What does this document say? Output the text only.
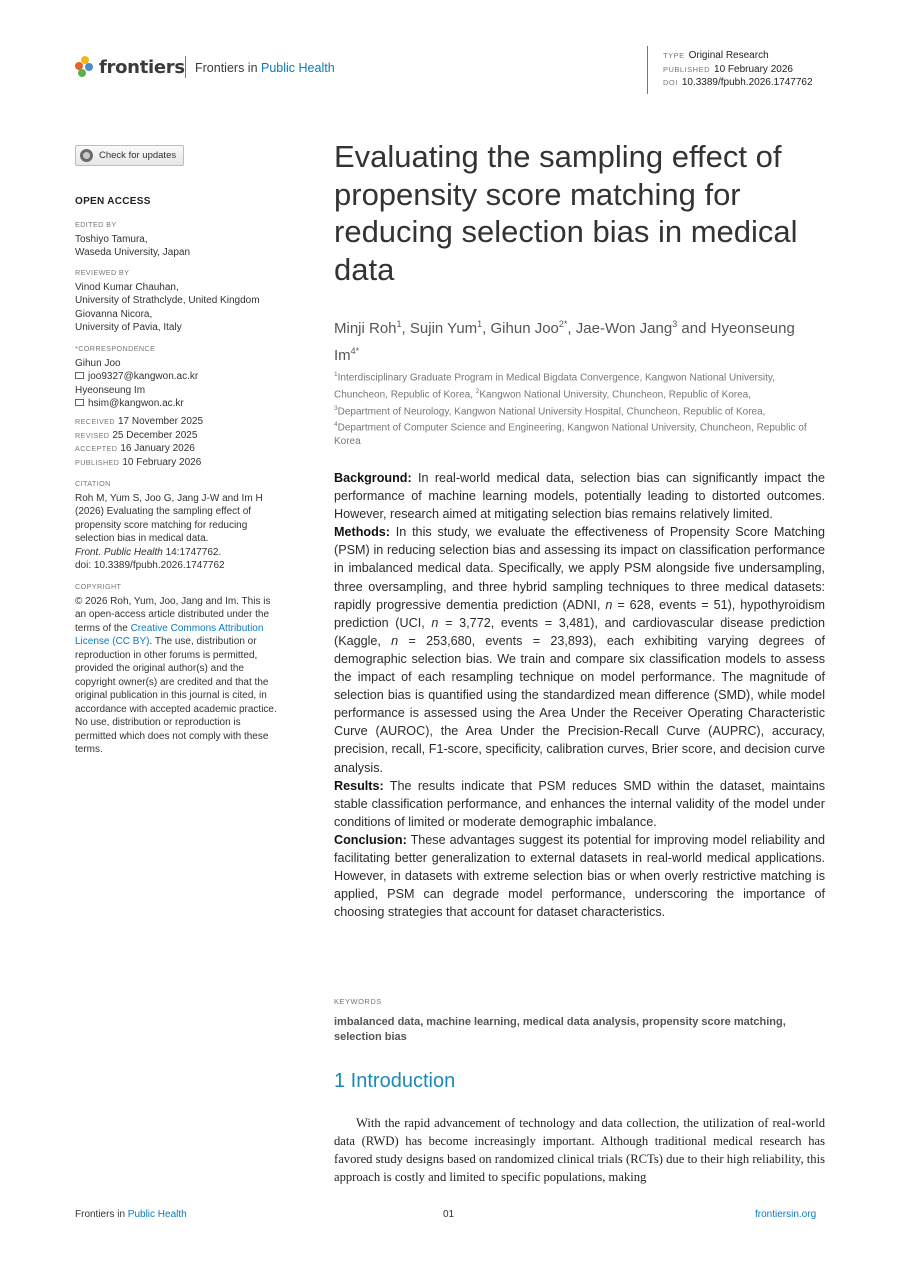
frontiers Frontiers in Public Health
TYPE Original Research
PUBLISHED 10 February 2026
DOI 10.3389/fpubh.2026.1747762
Check for updates
OPEN ACCESS
EDITED BY
Toshiyo Tamura,
Waseda University, Japan
REVIEWED BY
Vinod Kumar Chauhan,
University of Strathclyde, United Kingdom
Giovanna Nicora,
University of Pavia, Italy
*CORRESPONDENCE
Gihun Joo
joo9327@kangwon.ac.kr
Hyeonseung Im
hsim@kangwon.ac.kr
RECEIVED 17 November 2025
REVISED 25 December 2025
ACCEPTED 16 January 2026
PUBLISHED 10 February 2026
CITATION
Roh M, Yum S, Joo G, Jang J-W and Im H
(2026) Evaluating the sampling effect of
propensity score matching for reducing
selection bias in medical data.
Front. Public Health 14:1747762.
doi: 10.3389/fpubh.2026.1747762
COPYRIGHT
© 2026 Roh, Yum, Joo, Jang and Im. This is
an open-access article distributed under the
terms of the Creative Commons Attribution
License (CC BY). The use, distribution or
reproduction in other forums is permitted,
provided the original author(s) and the
copyright owner(s) are credited and that the
original publication in this journal is cited, in
accordance with accepted academic practice.
No use, distribution or reproduction is
permitted which does not comply with these
terms.
Evaluating the sampling effect of propensity score matching for reducing selection bias in medical data
Minji Roh$^1$, Sujin Yum$^1$, Gihun Joo$^{2*}$, Jae-Won Jang$^3$ and Hyeonseung $Im^{4*}$
$^1$Interdisciplinary Graduate Program in Medical Bigdata Convergence, Kangwon National University, Chuncheon, Republic of Korea, $^2$Kangwon National University, Chuncheon, Republic of Korea,
$^3$Department of Neurology, Kangwon National University Hospital, Chuncheon, Republic of Korea,
$^4$Department of Computer Science and Engineering, Kangwon National University, Chuncheon, Republic of Korea

Background: In real-world medical data, selection bias can significantly impact the performance of machine learning models, potentially leading to distorted outcomes. However, research aimed at mitigating selection bias remains relatively limited.

Methods: In this study, we evaluate the effectiveness of Propensity Score Matching (PSM) in reducing selection bias and assessing its impact on classification performance in imbalanced medical data. Specifically, we apply PSM alongside five undersampling, three oversampling, and three hybrid sampling techniques to three medical datasets: rapidly progressive dementia prediction (ADNI, n = 628, events = 51), hypothyroidism prediction (UCI, n = 3,772, events = 3,481), and cardiovascular disease prediction (Kaggle, n = 253,680, events = 23,893), each exhibiting varying degrees of demographic selection bias. We train and compare six classification models to assess the impact of each resampling technique on model performance. The magnitude of selection bias is quantified using the standardized mean difference (SMD), while model performance is assessed using the Area Under the Receiver Operating Characteristic Curve (AUROC), the Area Under the Precision-Recall Curve (AUPRC), accuracy, precision, recall, F1-score, specificity, calibration curves, Brier score, and decision curve analysis.

Results: The results indicate that PSM reduces SMD within the dataset, maintains stable classification performance, and enhances the internal validity of the model under conditions of limited or moderate demographic imbalance.

Conclusion: These advantages suggest its potential for improving model reliability and facilitating better generalization to external datasets in real-world medical applications. However, in datasets with extreme selection bias or when overly restrictive matching is applied, PSM can degrade model performance, underscoring the importance of choosing strategies that account for dataset characteristics.

KEYWORDS
imbalanced data, machine learning, medical data analysis, propensity score matching, selection bias
1 Introduction

With the rapid advancement of technology and data collection, the utilization of real-world data (RWD) has become increasingly important. Although traditional medical research has favored study designs based on randomized clinical trials (RCTs) due to their high reliability, this approach is costly and limited to specific populations, making

Frontiers in Public Health	01	frontiersin.org
